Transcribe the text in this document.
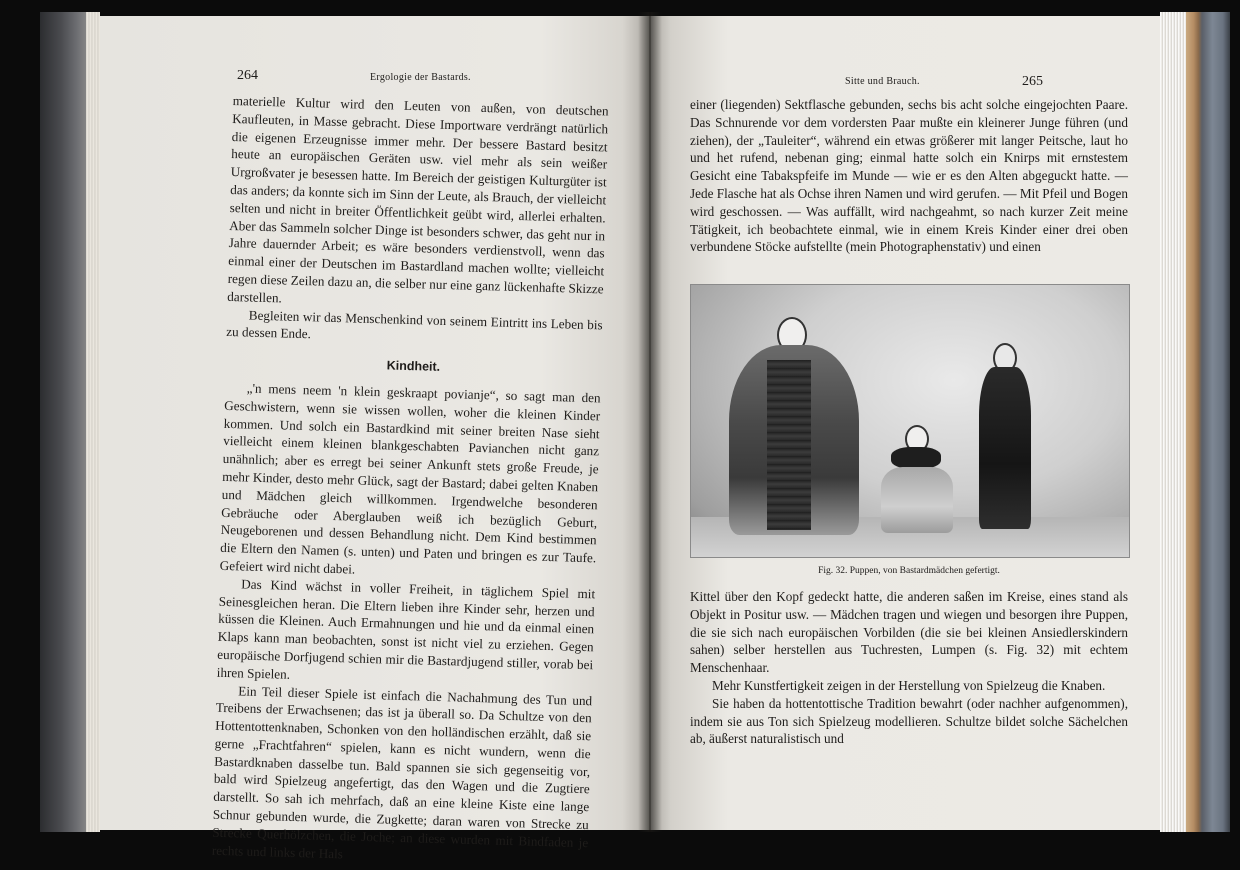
264	Ergologie der Bastards.

materielle Kultur wird den Leuten von außen, von deutschen Kaufleuten, in Masse gebracht. Diese Importware verdrängt natürlich die eigenen Erzeugnisse immer mehr. Der bessere Bastard besitzt heute an europäischen Geräten usw. viel mehr als sein weißer Urgroßvater je besessen hatte. Im Bereich der geistigen Kulturgüter ist das anders; da konnte sich im Sinn der Leute, als Brauch, der vielleicht selten und nicht in breiter Öffentlichkeit geübt wird, allerlei erhalten. Aber das Sammeln solcher Dinge ist besonders schwer, das geht nur in Jahre dauernder Arbeit; es wäre besonders verdienstvoll, wenn das einmal einer der Deutschen im Bastardland machen wollte; vielleicht regen diese Zeilen dazu an, die selber nur eine ganz lückenhafte Skizze darstellen.

Begleiten wir das Menschenkind von seinem Eintritt ins Leben bis zu dessen Ende.

Kindheit.

„'n mens neem 'n klein geskraapt povianje“, so sagt man den Geschwistern, wenn sie wissen wollen, woher die kleinen Kinder kommen. Und solch ein Bastardkind mit seiner breiten Nase sieht vielleicht einem kleinen blankgeschabten Pavianchen nicht ganz unähnlich; aber es erregt bei seiner Ankunft stets große Freude, je mehr Kinder, desto mehr Glück, sagt der Bastard; dabei gelten Knaben und Mädchen gleich willkommen. Irgendwelche besonderen Gebräuche oder Aberglauben weiß ich bezüglich Geburt, Neugeborenen und dessen Behandlung nicht. Dem Kind bestimmen die Eltern den Namen (s. unten) und Paten und bringen es zur Taufe. Gefeiert wird nicht dabei.

Das Kind wächst in voller Freiheit, in täglichem Spiel mit Seinesgleichen heran. Die Eltern lieben ihre Kinder sehr, herzen und küssen die Kleinen. Auch Ermahnungen und hie und da einmal einen Klaps kann man beobachten, sonst ist nicht viel zu erziehen. Gegen europäische Dorfjugend schien mir die Bastardjugend stiller, vorab bei ihren Spielen.

Ein Teil dieser Spiele ist einfach die Nachahmung des Tun und Treibens der Erwachsenen; das ist ja überall so. Da Schultze von den Hottentottenknaben, Schonken von den holländischen erzählt, daß sie gerne „Frachtfahren“ spielen, kann es nicht wundern, wenn die Bastardknaben dasselbe tun. Bald spannen sie sich gegenseitig vor, bald wird Spielzeug angefertigt, das den Wagen und die Zugtiere darstellt. So sah ich mehrfach, daß an eine kleine Kiste eine lange Schnur gebunden wurde, die Zugkette; daran waren von Strecke zu Strecke Querhölzchen, die Joche; an diese wurden mit Bindfaden je rechts und links der Hals

Sitte und Brauch.	265

einer (liegenden) Sektflasche gebunden, sechs bis acht solche eingejochten Paare. Das Schnurende vor dem vordersten Paar mußte ein kleinerer Junge führen (und ziehen), der „Tauleiter“, während ein etwas größerer mit langer Peitsche, laut ho und het rufend, nebenan ging; einmal hatte solch ein Knirps mit ernstestem Gesicht eine Tabakspfeife im Munde — wie er es den Alten abgeguckt hatte. — Jede Flasche hat als Ochse ihren Namen und wird gerufen. — Mit Pfeil und Bogen wird geschossen. — Was auffällt, wird nachgeahmt, so nach kurzer Zeit meine Tätigkeit, ich beobachtete einmal, wie in einem Kreis Kinder einer drei oben verbundene Stöcke aufstellte (mein Photographenstativ) und einen

Fig. 32. Puppen, von Bastardmädchen gefertigt.

Kittel über den Kopf gedeckt hatte, die anderen saßen im Kreise, eines stand als Objekt in Positur usw. — Mädchen tragen und wiegen und besorgen ihre Puppen, die sie sich nach europäischen Vorbilden (die sie bei kleinen Ansiedlerskindern sahen) selber herstellen aus Tuchresten, Lumpen (s. Fig. 32) mit echtem Menschenhaar.

Mehr Kunstfertigkeit zeigen in der Herstellung von Spielzeug die Knaben.

Sie haben da hottentottische Tradition bewahrt (oder nachher aufgenommen), indem sie aus Ton sich Spielzeug modellieren. Schultze bildet solche Sächelchen ab, äußerst naturalistisch und
